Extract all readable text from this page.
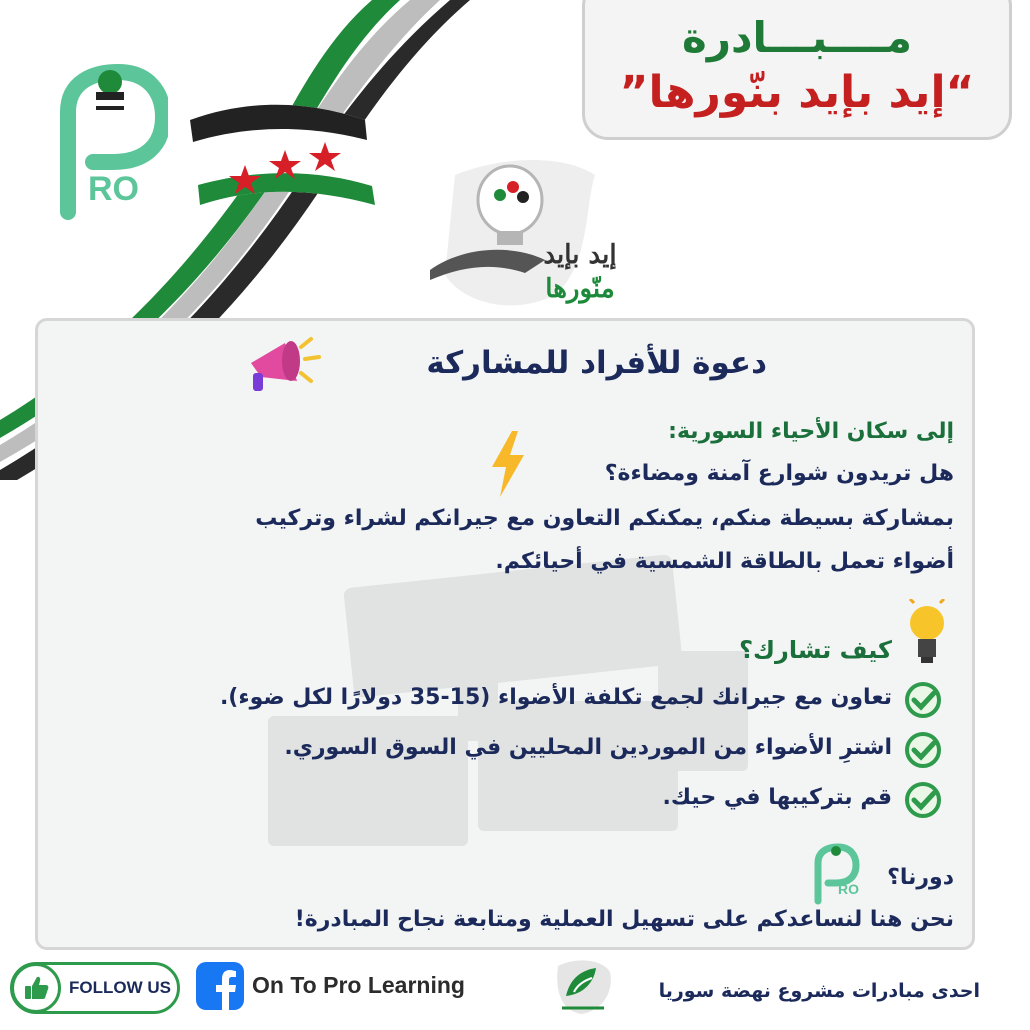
RO
مــــبـــادرة
“إيد بإيد بنّورها”
إيد بإيد
منّورها
دعوة للأفراد للمشاركة
إلى سكان الأحياء السورية:
هل تريدون شوارع آمنة ومضاءة؟
بمشاركة بسيطة منكم، يمكنكم التعاون مع جيرانكم لشراء وتركيب
أضواء تعمل بالطاقة الشمسية في أحيائكم.
كيف تشارك؟
تعاون مع جيرانك لجمع تكلفة الأضواء (15-35 دولارًا لكل ضوء).
اشترِ الأضواء من الموردين المحليين في السوق السوري.
قم بتركيبها في حيك.
دورنا؟
RO
نحن هنا لنساعدكم على تسهيل العملية ومتابعة نجاح المبادرة!
FOLLOW US	On To Pro Learning	احدى مبادرات مشروع نهضة سوريا
